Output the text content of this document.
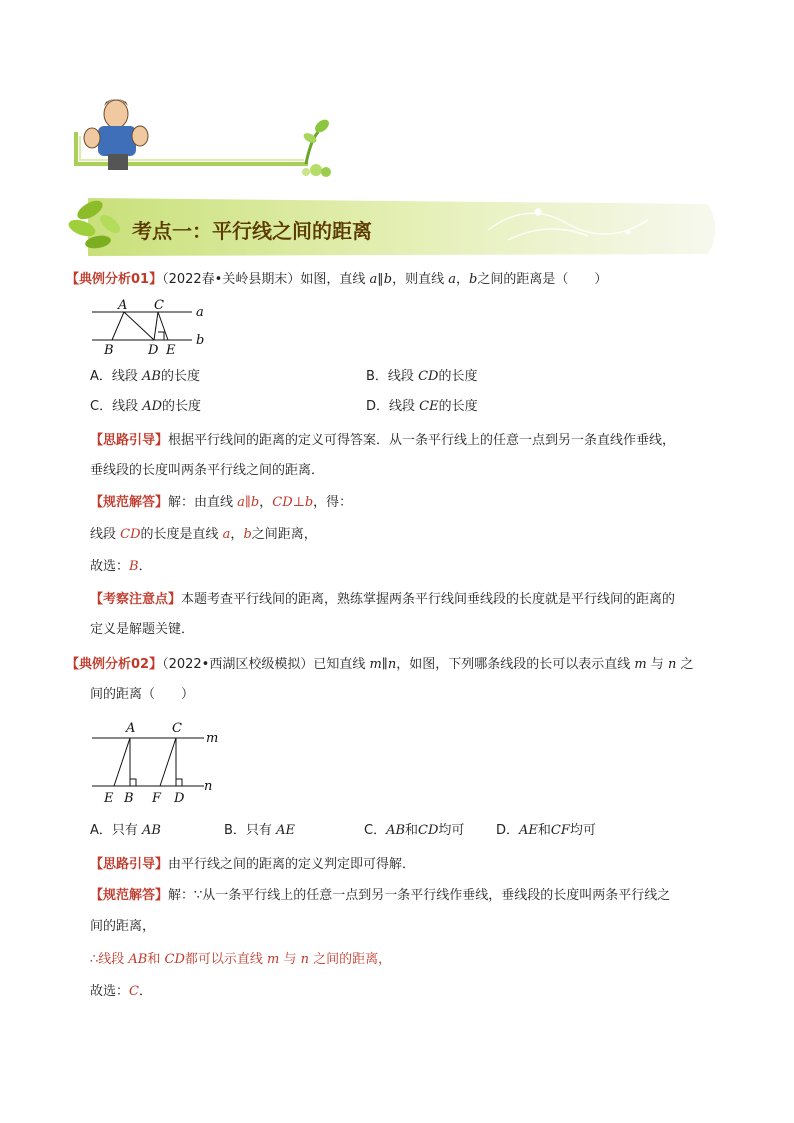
考点一：平行线之间的距离
【典例分析01】（2022春•关岭县期末）如图，直线 a∥b，则直线 a，b之间的距离是（　　）
A C a
B	D E
b
A．线段 AB的长度	B．线段 CD的长度
C．线段 AD的长度	D．线段 CE的长度
【思路引导】根据平行线间的距离的定义可得答案．从一条平行线上的任意一点到另一条直线作垂线，
垂线段的长度叫两条平行线之间的距离．
【规范解答】解：由直线 a∥b，CD⊥b，得：
线段 CD的长度是直线 a，b之间距离，
故选：B．
【考察注意点】本题考查平行线间的距离，熟练掌握两条平行线间垂线段的长度就是平行线间的距离的
定义是解题关键．
【典例分析02】（2022•西湖区校级模拟）已知直线 m∥n，如图，下列哪条线段的长可以表示直线 m 与 n 之
间的距离（　　）
A	C
m
E B F D
n
A．只有 AB	B．只有 AE	C．AB和CD均可 D．AE和CF均可
【思路引导】由平行线之间的距离的定义判定即可得解．
【规范解答】解：∵从一条平行线上的任意一点到另一条平行线作垂线，垂线段的长度叫两条平行线之
间的距离，
∴线段 AB和 CD都可以示直线 m 与 n 之间的距离，
故选：C．
